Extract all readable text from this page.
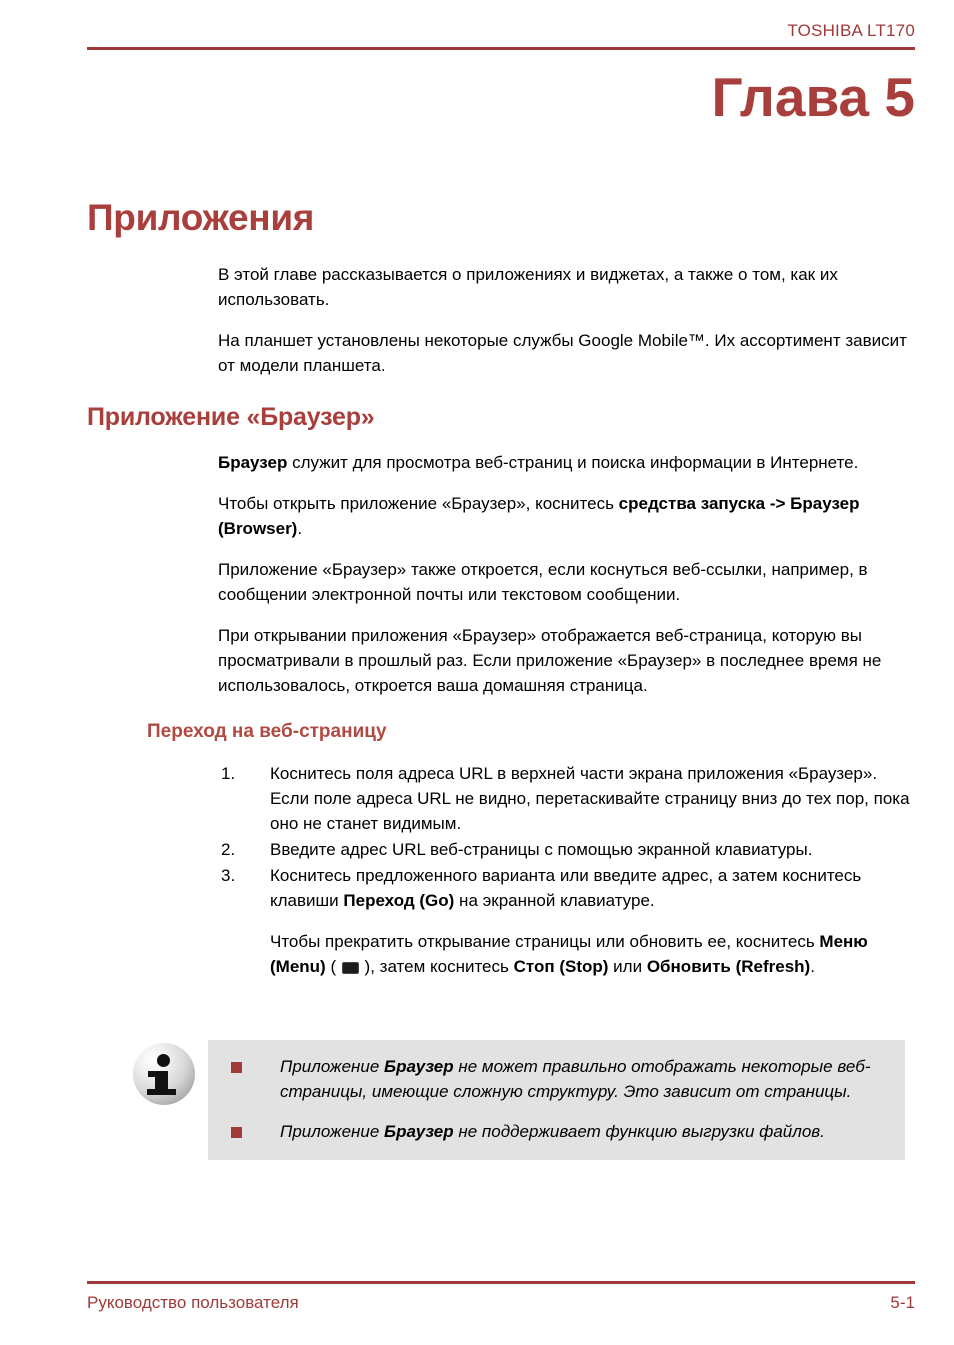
TOSHIBA LT170
Глава 5
Приложения

В этой главе рассказывается о приложениях и виджетах, а также о том, как их использовать.

На планшет установлены некоторые службы Google Mobile™. Их ассортимент зависит от модели планшета.

Приложение «Браузер»

Браузер служит для просмотра веб-страниц и поиска информации в Интернете.

Чтобы открыть приложение «Браузер», коснитесь средства запуска -> Браузер (Browser).

Приложение «Браузер» также откроется, если коснуться веб-ссылки, например, в сообщении электронной почты или текстовом сообщении.

При открывании приложения «Браузер» отображается веб-страница, которую вы просматривали в прошлый раз. Если приложение «Браузер» в последнее время не использовалось, откроется ваша домашняя страница.

Переход на веб-страницу
1.	Коснитесь поля адреса URL в верхней части экрана приложения «Браузер». Если поле адреса URL не видно, перетаскивайте страницу вниз до тех пор, пока оно не станет видимым.
2.	Введите адрес URL веб-страницы с помощью экранной клавиатуры.
3.	Коснитесь предложенного варианта или введите адрес, а затем коснитесь клавиши Переход (Go) на экранной клавиатуре.

Чтобы прекратить открывание страницы или обновить ее, коснитесь Меню (Menu) (  ), затем коснитесь Стоп (Stop) или Обновить (Refresh).

Приложение Браузер не может правильно отображать некоторые веб-страницы, имеющие сложную структуру. Это зависит от страницы.
Приложение Браузер не поддерживает функцию выгрузки файлов.
Руководство пользователя	5-1
